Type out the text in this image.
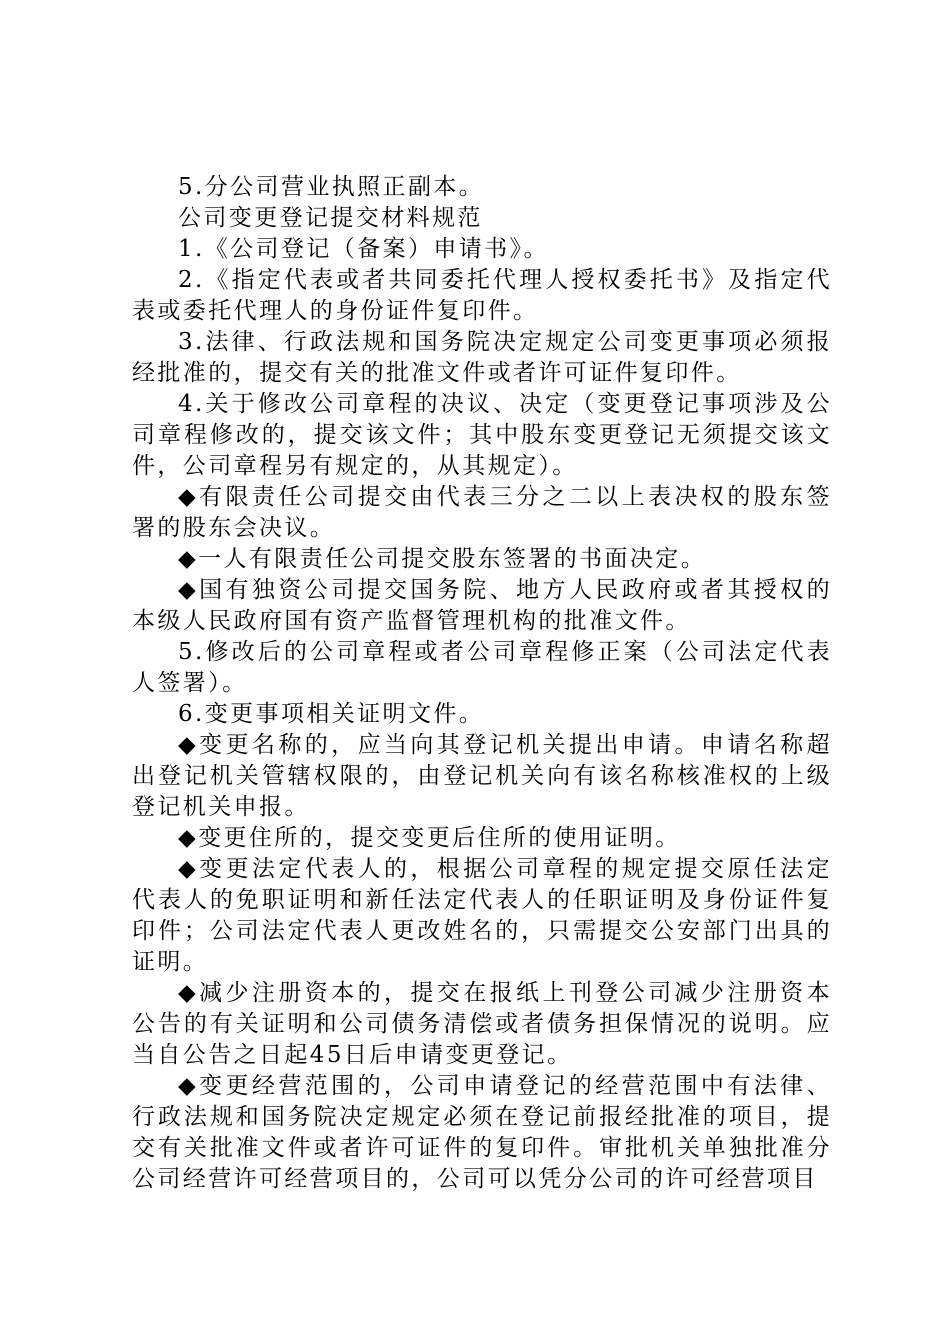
5.分公司营业执照正副本。

公司变更登记提交材料规范

1.《公司登记（备案）申请书》。

2.《指定代表或者共同委托代理人授权委托书》及指定代表或委托代理人的身份证件复印件。

3.法律、行政法规和国务院决定规定公司变更事项必须报经批准的，提交有关的批准文件或者许可证件复印件。

4.关于修改公司章程的决议、决定（变更登记事项涉及公司章程修改的，提交该文件；其中股东变更登记无须提交该文件，公司章程另有规定的，从其规定）。

◆有限责任公司提交由代表三分之二以上表决权的股东签署的股东会决议。

◆一人有限责任公司提交股东签署的书面决定。

◆国有独资公司提交国务院、地方人民政府或者其授权的本级人民政府国有资产监督管理机构的批准文件。

5.修改后的公司章程或者公司章程修正案（公司法定代表人签署）。

6.变更事项相关证明文件。

◆变更名称的，应当向其登记机关提出申请。申请名称超出登记机关管辖权限的，由登记机关向有该名称核准权的上级登记机关申报。

◆变更住所的，提交变更后住所的使用证明。

◆变更法定代表人的，根据公司章程的规定提交原任法定代表人的免职证明和新任法定代表人的任职证明及身份证件复印件；公司法定代表人更改姓名的，只需提交公安部门出具的证明。

◆减少注册资本的，提交在报纸上刊登公司减少注册资本公告的有关证明和公司债务清偿或者债务担保情况的说明。应当自公告之日起45日后申请变更登记。

◆变更经营范围的，公司申请登记的经营范围中有法律、行政法规和国务院决定规定必须在登记前报经批准的项目，提交有关批准文件或者许可证件的复印件。审批机关单独批准分公司经营许可经营项目的，公司可以凭分公司的许可经营项目
